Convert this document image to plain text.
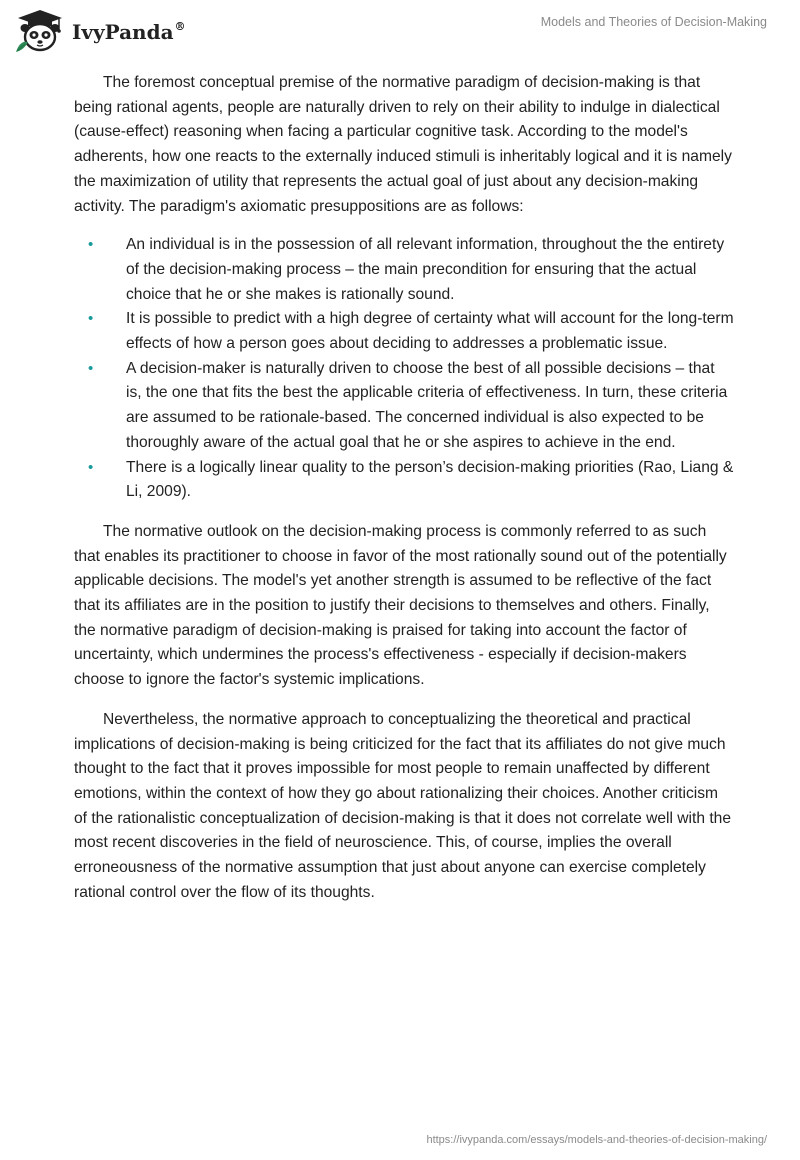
IvyPanda®	Models and Theories of Decision-Making

The foremost conceptual premise of the normative paradigm of decision-making is that being rational agents, people are naturally driven to rely on their ability to indulge in dialectical (cause-effect) reasoning when facing a particular cognitive task. According to the model's adherents, how one reacts to the externally induced stimuli is inheritably logical and it is namely the maximization of utility that represents the actual goal of just about any decision-making activity. The paradigm's axiomatic presuppositions are as follows:

• An individual is in the possession of all relevant information, throughout the the entirety of the decision-making process – the main precondition for ensuring that the actual choice that he or she makes is rationally sound.
• It is possible to predict with a high degree of certainty what will account for the long-term effects of how a person goes about deciding to addresses a problematic issue.
• A decision-maker is naturally driven to choose the best of all possible decisions – that is, the one that fits the best the applicable criteria of effectiveness. In turn, these criteria are assumed to be rationale-based. The concerned individual is also expected to be thoroughly aware of the actual goal that he or she aspires to achieve in the end.
• There is a logically linear quality to the person’s decision-making priorities (Rao, Liang & Li, 2009).

The normative outlook on the decision-making process is commonly referred to as such that enables its practitioner to choose in favor of the most rationally sound out of the potentially applicable decisions. The model's yet another strength is assumed to be reflective of the fact that its affiliates are in the position to justify their decisions to themselves and others. Finally, the normative paradigm of decision-making is praised for taking into account the factor of uncertainty, which undermines the process's effectiveness - especially if decision-makers choose to ignore the factor's systemic implications.

Nevertheless, the normative approach to conceptualizing the theoretical and practical implications of decision-making is being criticized for the fact that its affiliates do not give much thought to the fact that it proves impossible for most people to remain unaffected by different emotions, within the context of how they go about rationalizing their choices. Another criticism of the rationalistic conceptualization of decision-making is that it does not correlate well with the most recent discoveries in the field of neuroscience. This, of course, implies the overall erroneousness of the normative assumption that just about anyone can exercise completely rational control over the flow of its thoughts.

https://ivypanda.com/essays/models-and-theories-of-decision-making/
